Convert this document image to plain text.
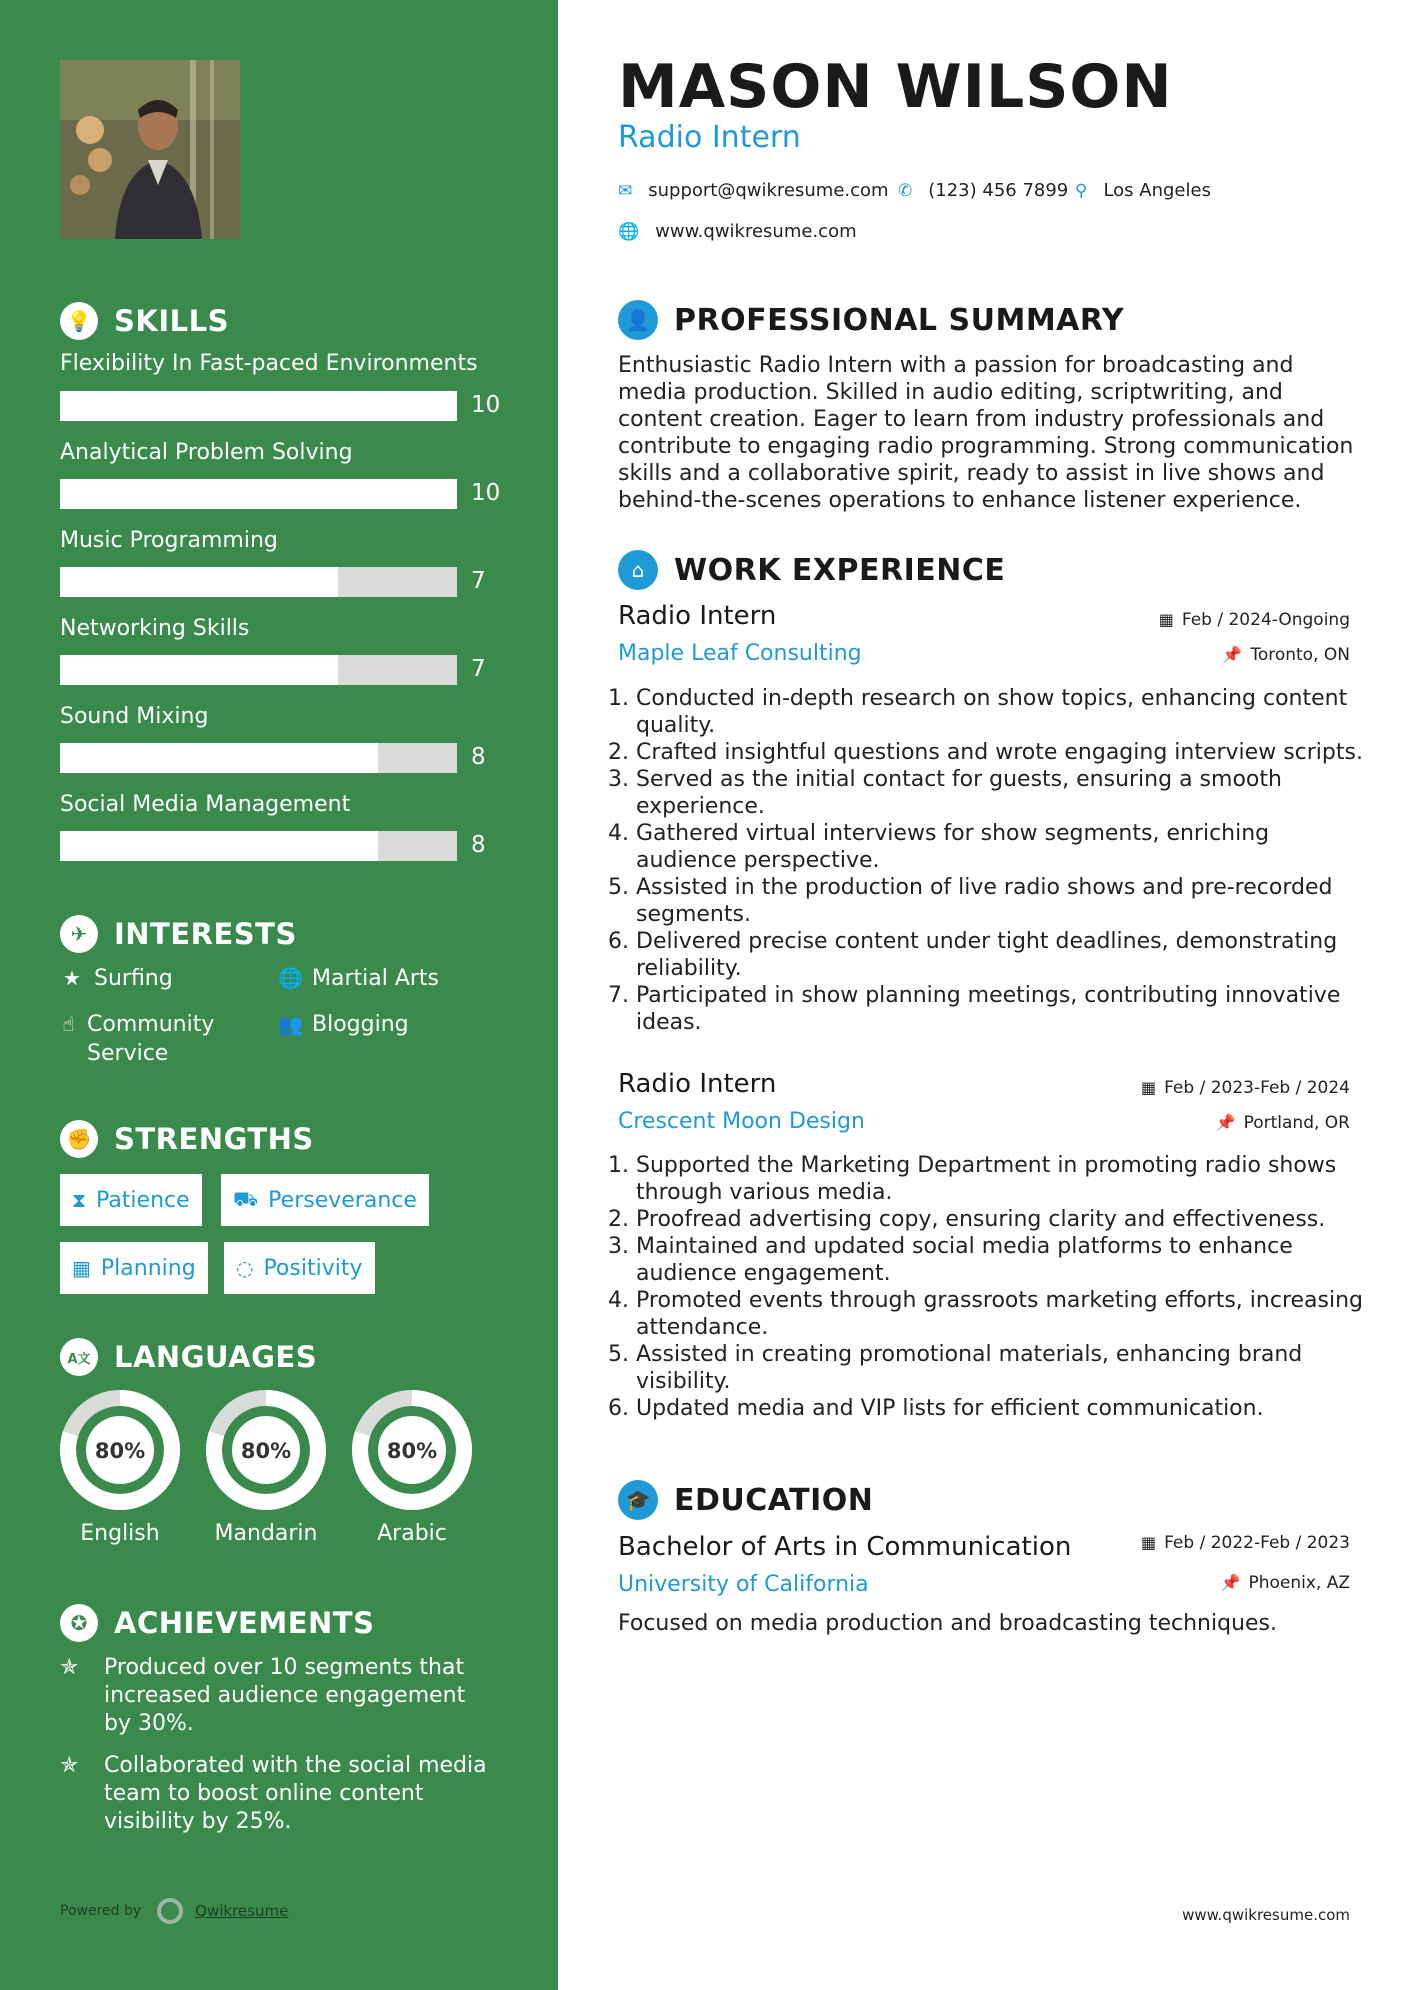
💡 SKILLS
Flexibility In Fast-paced Environments
10
Analytical Problem Solving
10
Music Programming
7
Networking Skills
7
Sound Mixing
8
Social Media Management
8
✈ INTERESTS
★ Surfing	🌐 Martial Arts
☝ Community Service
👥 Blogging
✊ STRENGTHS
⧗ Patience ⛟ Perseverance
▦ Planning ◌ Positivity
A文 LANGUAGES
80%	80%	80%
English	Mandarin	Arabic
✪ ACHIEVEMENTS
✯	Produced over 10 segments that increased audience engagement by 30%.
✯	Collaborated with the social media team to boost online content visibility by 25%.
Powered by	Qwikresume
MASON WILSON
Radio Intern
✉ support@qwikresume.com ✆ (123) 456 7899 ⚲ Los Angeles
🌐 www.qwikresume.com
👤 PROFESSIONAL SUMMARY
Enthusiastic Radio Intern with a passion for broadcasting and media production. Skilled in audio editing, scriptwriting, and content creation. Eager to learn from industry professionals and contribute to engaging radio programming. Strong communication skills and a collaborative spirit, ready to assist in live shows and behind-the-scenes operations to enhance listener experience.
⌂ WORK EXPERIENCE
Radio Intern	▦ Feb / 2024-Ongoing
Maple Leaf Consulting	📌 Toronto, ON
1. Conducted in-depth research on show topics, enhancing content quality.
2. Crafted insightful questions and wrote engaging interview scripts.
3. Served as the initial contact for guests, ensuring a smooth experience.
4. Gathered virtual interviews for show segments, enriching audience perspective.
5. Assisted in the production of live radio shows and pre-recorded segments.
6. Delivered precise content under tight deadlines, demonstrating reliability.
7. Participated in show planning meetings, contributing innovative ideas.
Radio Intern	▦ Feb / 2023-Feb / 2024
Crescent Moon Design	📌 Portland, OR
1. Supported the Marketing Department in promoting radio shows through various media.
2. Proofread advertising copy, ensuring clarity and effectiveness.
3. Maintained and updated social media platforms to enhance audience engagement.
4. Promoted events through grassroots marketing efforts, increasing attendance.
5. Assisted in creating promotional materials, enhancing brand visibility.
6. Updated media and VIP lists for efficient communication.
🎓 EDUCATION
Bachelor of Arts in Communication	▦ Feb / 2022-Feb / 2023
University of California	📌 Phoenix, AZ
Focused on media production and broadcasting techniques.
www.qwikresume.com
